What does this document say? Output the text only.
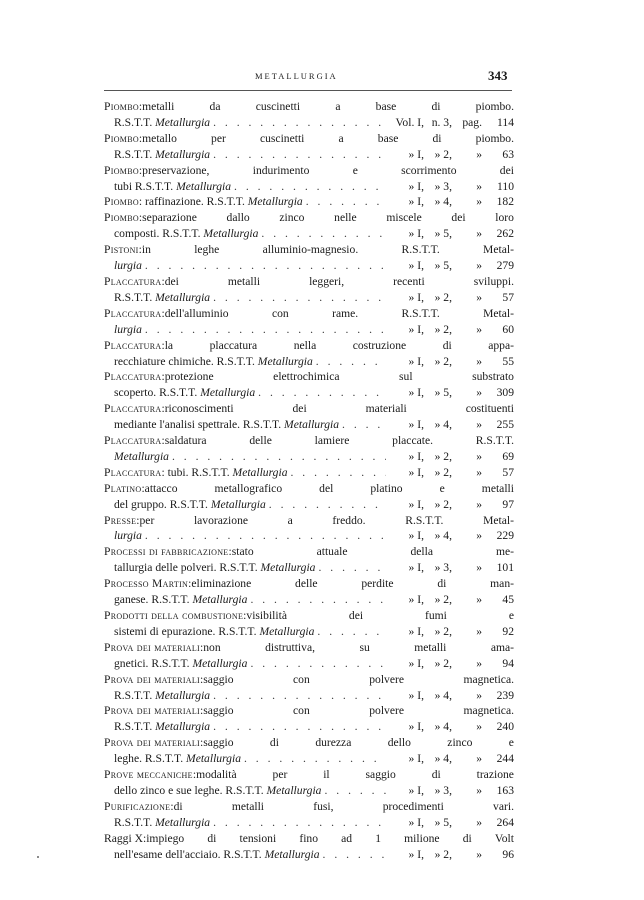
METALLURGIA	343
Piombo : metalli	da	cuscinetti	a	base	di	piombo.
R.S.T.T. Metallurgia . . .	Vol. I, n. 3, pag.	114
Piombo : metallo	per	cuscinetti	a	base	di	piombo.
R.S.T.T. Metallurgia . . .	» I, » 2,	»	63
Piombo : preservazione,	indurimento	e	scorrimento	dei
tubi R.S.T.T. Metallurgia . . .	» I, » 3,	»	110
Piombo: raffinazione. R.S.T.T. Metallurgia . . .	» I, » 4,	»	182
Piombo : separazione	dallo	zinco	nelle	miscele	dei	loro
composti. R.S.T.T. Metallurgia . . .	» I, » 5,	»	262
Pistoni : in	leghe	alluminio-magnesio.	R.S.T.T.	Metal-
lurgia . . .	» I, » 5,	»	279
Placcatura : dei	metalli	leggeri,	recenti	sviluppi.
R.S.T.T. Metallurgia . . .	» I, » 2,	»	57
Placcatura : dell'alluminio	con	rame.	R.S.T.T.	Metal-
lurgia . . .	» I, » 2,	»	60
Placcatura : la	placcatura	nella	costruzione	di	appa-
recchiature chimiche. R.S.T.T. Metallurgia . . .	» I, » 2,	»	55
Placcatura : protezione	elettrochimica	sul	substrato
scoperto. R.S.T.T. Metallurgia . . .	» I, » 5,	»	309
Placcatura : riconoscimenti	dei	materiali	costituenti
mediante l'analisi spettrale. R.S.T.T. Metallurgia . . .	» I, » 4,	»	255
Placcatura : saldatura	delle	lamiere	placcate.	R.S.T.T.
Metallurgia . . .	» I, » 2,	»	69
Placcatura: tubi. R.S.T.T. Metallurgia . . .	» I, » 2,	»	57
Platino : attacco	metallografico	del	platino	e	metalli
del gruppo. R.S.T.T. Metallurgia . . .	» I, » 2,	»	97
Presse : per	lavorazione	a	freddo.	R.S.T.T.	Metal-
lurgia . . .	» I, » 4,	»	229
Processi di fabbricazione : stato	attuale	della	me-
tallurgia delle polveri. R.S.T.T. Metallurgia . . .	» I, » 3,	»	101
Processo Martin : eliminazione	delle	perdite	di	man-
ganese. R.S.T.T. Metallurgia . . .	» I, » 2,	»	45
Prodotti della combustione : visibilità	dei	fumi	e
sistemi di epurazione. R.S.T.T. Metallurgia . . .	» I, » 2,	»	92
Prova dei materiali : non	distruttiva,	su	metalli	ama-
gnetici. R.S.T.T. Metallurgia . . .	» I, » 2,	»	94
Prova dei materiali : saggio	con	polvere	magnetica.
R.S.T.T. Metallurgia . . .	» I, » 4,	»	239
Prova dei materiali : saggio	con	polvere	magnetica.
R.S.T.T. Metallurgia . . .	» I, » 4,	»	240
Prova dei materiali : saggio	di	durezza	dello	zinco	e
leghe. R.S.T.T. Metallurgia . . .	» I, » 4,	»	244
Prove meccaniche : modalità	per	il	saggio	di	trazione
dello zinco e sue leghe. R.S.T.T. Metallurgia . . .	» I, » 3,	»	163
Purificazione : di	metalli	fusi,	procedimenti	vari.
R.S.T.T. Metallurgia . . .	» I, » 5,	»	264
Raggi X : impiego di tensioni fino ad 1 milione di Volt
nell'esame dell'acciaio. R.S.T.T. Metallurgia . . .	» I, » 2,	»	96
